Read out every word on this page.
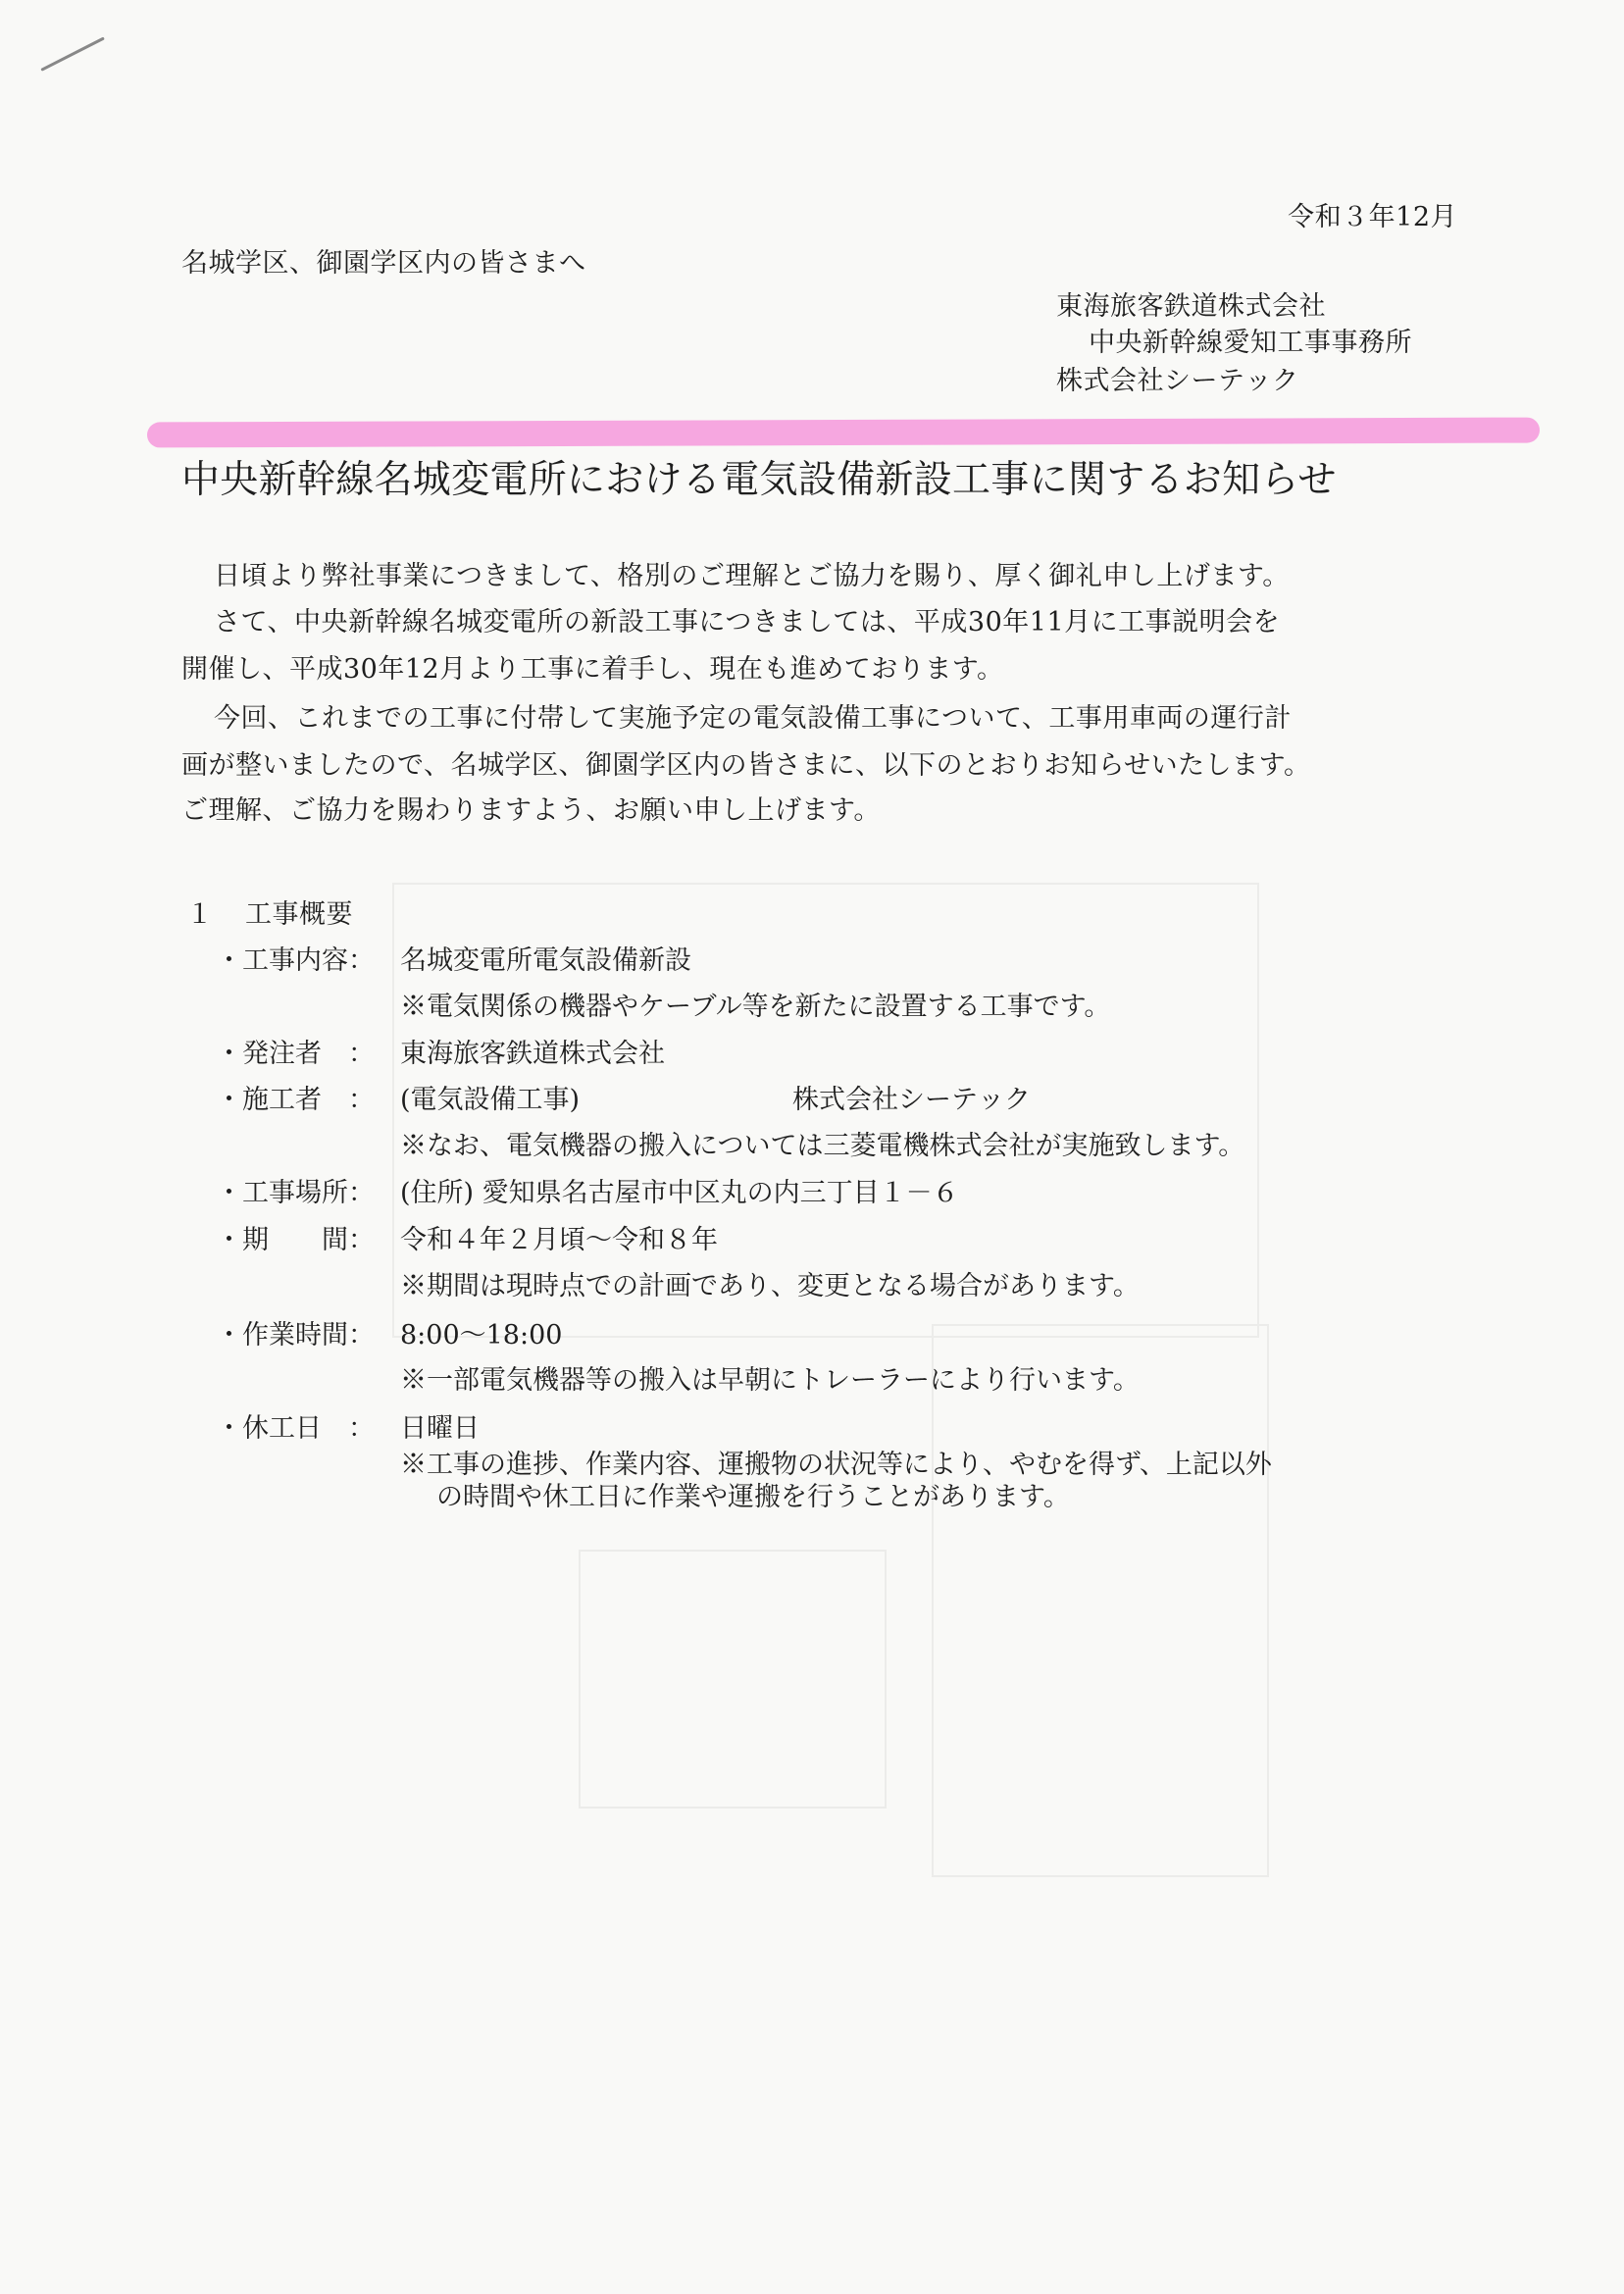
令和３年12月
名城学区、御園学区内の皆さまへ
東海旅客鉄道株式会社
中央新幹線愛知工事事務所
株式会社シーテック
中央新幹線名城変電所における電気設備新設工事に関するお知らせ
日頃より弊社事業につきまして、格別のご理解とご協力を賜り、厚く御礼申し上げます。
さて、中央新幹線名城変電所の新設工事につきましては、平成30年11月に工事説明会を
開催し、平成30年12月より工事に着手し、現在も進めております。
今回、これまでの工事に付帯して実施予定の電気設備工事について、工事用車両の運行計
画が整いましたので、名城学区、御園学区内の皆さまに、以下のとおりお知らせいたします。
ご理解、ご協力を賜わりますよう、お願い申し上げます。
１ 工事概要
・工事内容： 名城変電所電気設備新設
※電気関係の機器やケーブル等を新たに設置する工事です。
・発注者　： 東海旅客鉄道株式会社
・施工者　： (電気設備工事)	株式会社シーテック
※なお、電気機器の搬入については三菱電機株式会社が実施致します。
・工事場所： (住所) 愛知県名古屋市中区丸の内三丁目１－６
・期　　間： 令和４年２月頃～令和８年
※期間は現時点での計画であり、変更となる場合があります。
・作業時間： 8:00～18:00
※一部電気機器等の搬入は早朝にトレーラーにより行います。
・休工日　： 日曜日
※工事の進捗、作業内容、運搬物の状況等により、やむを得ず、上記以外
の時間や休工日に作業や運搬を行うことがあります。
